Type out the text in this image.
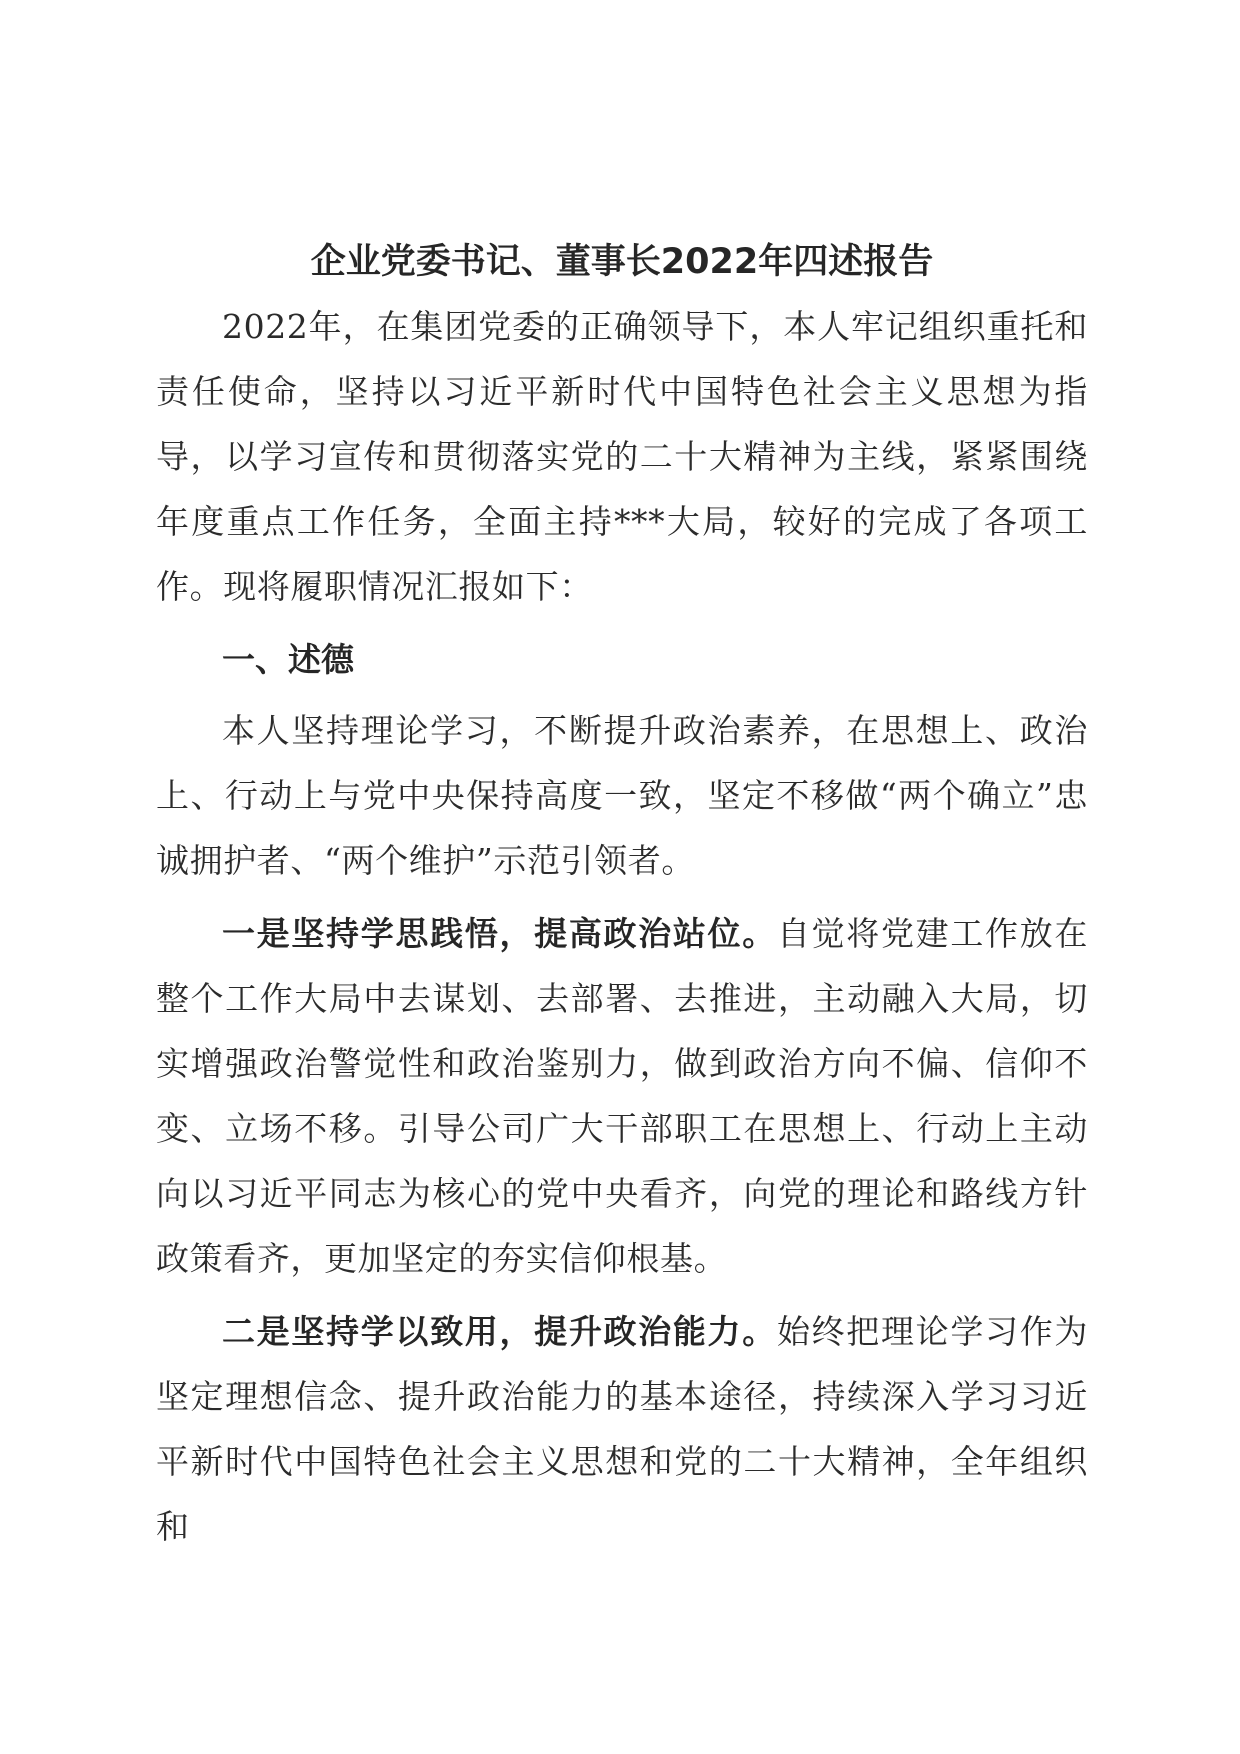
企业党委书记、董事长2022年四述报告

2022年，在集团党委的正确领导下，本人牢记组织重托和责任使命，坚持以习近平新时代中国特色社会主义思想为指导，以学习宣传和贯彻落实党的二十大精神为主线，紧紧围绕年度重点工作任务，全面主持***大局，较好的完成了各项工作。现将履职情况汇报如下：

一、述德

本人坚持理论学习，不断提升政治素养，在思想上、政治上、行动上与党中央保持高度一致，坚定不移做“两个确立”忠诚拥护者、“两个维护”示范引领者。

一是坚持学思践悟，提高政治站位。自觉将党建工作放在整个工作大局中去谋划、去部署、去推进，主动融入大局，切实增强政治警觉性和政治鉴别力，做到政治方向不偏、信仰不变、立场不移。引导公司广大干部职工在思想上、行动上主动向以习近平同志为核心的党中央看齐，向党的理论和路线方针政策看齐，更加坚定的夯实信仰根基。

二是坚持学以致用，提升政治能力。始终把理论学习作为坚定理想信念、提升政治能力的基本途径，持续深入学习习近平新时代中国特色社会主义思想和党的二十大精神，全年组织和
